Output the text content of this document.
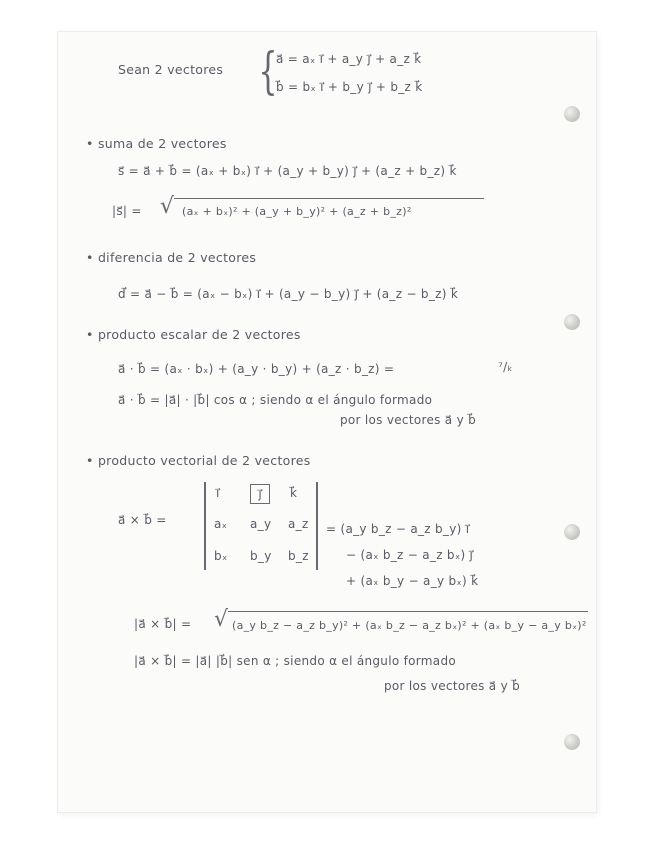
Sean 2 vectores {
a⃗ = aₓ i⃗ + a_y j⃗ + a_z k⃗
b⃗ = bₓ i⃗ + b_y j⃗ + b_z k⃗
• suma de 2 vectores
s⃗ = a⃗ + b⃗ = (aₓ + bₓ) i⃗ + (a_y + b_y) j⃗ + (a_z + b_z) k⃗
|s⃗| = √ (aₓ + bₓ)² + (a_y + b_y)² + (a_z + b_z)²
• diferencia de 2 vectores
d⃗ = a⃗ − b⃗ = (aₓ − bₓ) i⃗ + (a_y − b_y) j⃗ + (a_z − b_z) k⃗
• producto escalar de 2 vectores
a⃗ · b⃗ = (aₓ · bₓ) + (a_y · b_y) + (a_z · b_z) =	⁷/ₖ
a⃗ · b⃗ = |a⃗| · |b⃗| cos α ; siendo α el ángulo formado
por los vectores a⃗ y b⃗
• producto vectorial de 2 vectores
a⃗ × b⃗ =
i⃗	j⃗	k⃗
aₓ a_y a_z
bₓ b_y b_z
= (a_y b_z − a_z b_y) i⃗
− (aₓ b_z − a_z bₓ) j⃗
+ (aₓ b_y − a_y bₓ) k⃗
|a⃗ × b⃗| = √ (a_y b_z − a_z b_y)² + (aₓ b_z − a_z bₓ)² + (aₓ b_y − a_y bₓ)²
|a⃗ × b⃗| = |a⃗| |b⃗| sen α ; siendo α el ángulo formado
por los vectores a⃗ y b⃗
